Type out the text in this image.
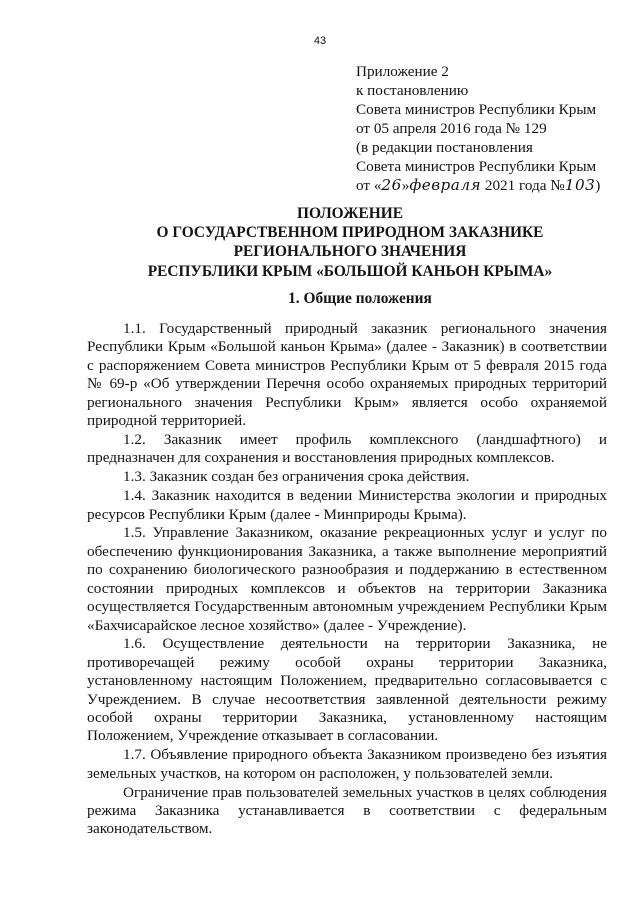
43
Приложение 2
к постановлению
Совета министров Республики Крым
от 05 апреля 2016 года № 129
(в редакции постановления
Совета министров Республики Крым
от «26»февраля 2021 года №103)
ПОЛОЖЕНИЕ
О ГОСУДАРСТВЕННОМ ПРИРОДНОМ ЗАКАЗНИКЕ
РЕГИОНАЛЬНОГО ЗНАЧЕНИЯ
РЕСПУБЛИКИ КРЫМ «БОЛЬШОЙ КАНЬОН КРЫМА»
1. Общие положения

1.1. Государственный природный заказник регионального значения Республики Крым «Большой каньон Крыма» (далее - Заказник) в соответствии с распоряжением Совета министров Республики Крым от 5 февраля 2015 года № 69-р «Об утверждении Перечня особо охраняемых природных территорий регионального значения Республики Крым» является особо охраняемой природной территорией.

1.2. Заказник имеет профиль комплексного (ландшафтного) и предназначен для сохранения и восстановления природных комплексов.

1.3. Заказник создан без ограничения срока действия.

1.4. Заказник находится в ведении Министерства экологии и природных ресурсов Республики Крым (далее - Минприроды Крыма).

1.5. Управление Заказником, оказание рекреационных услуг и услуг по обеспечению функционирования Заказника, а также выполнение мероприятий по сохранению биологического разнообразия и поддержанию в естественном состоянии природных комплексов и объектов на территории Заказника осуществляется Государственным автономным учреждением Республики Крым «Бахчисарайское лесное хозяйство» (далее - Учреждение).

1.6. Осуществление деятельности на территории Заказника, не противоречащей режиму особой охраны территории Заказника, установленному настоящим Положением, предварительно согласовывается с Учреждением. В случае несоответствия заявленной деятельности режиму особой охраны территории Заказника, установленному настоящим Положением, Учреждение отказывает в согласовании.

1.7. Объявление природного объекта Заказником произведено без изъятия земельных участков, на котором он расположен, у пользователей земли.

Ограничение прав пользователей земельных участков в целях соблюдения режима Заказника устанавливается в соответствии с федеральным законодательством.
